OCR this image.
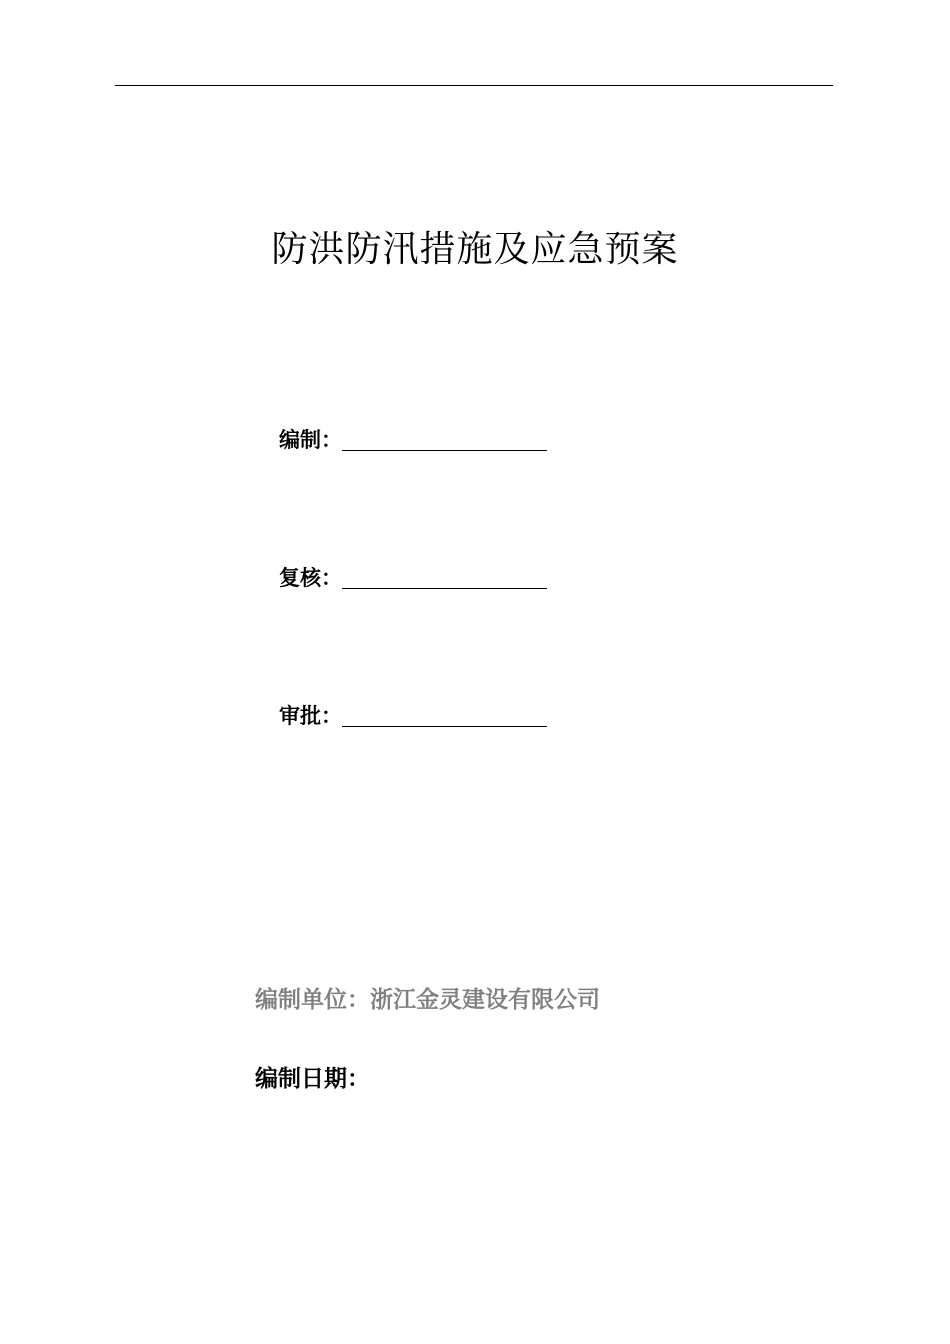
防洪防汛措施及应急预案
编制：
复核：
审批：
编制单位：浙江金灵建设有限公司
编制日期：
